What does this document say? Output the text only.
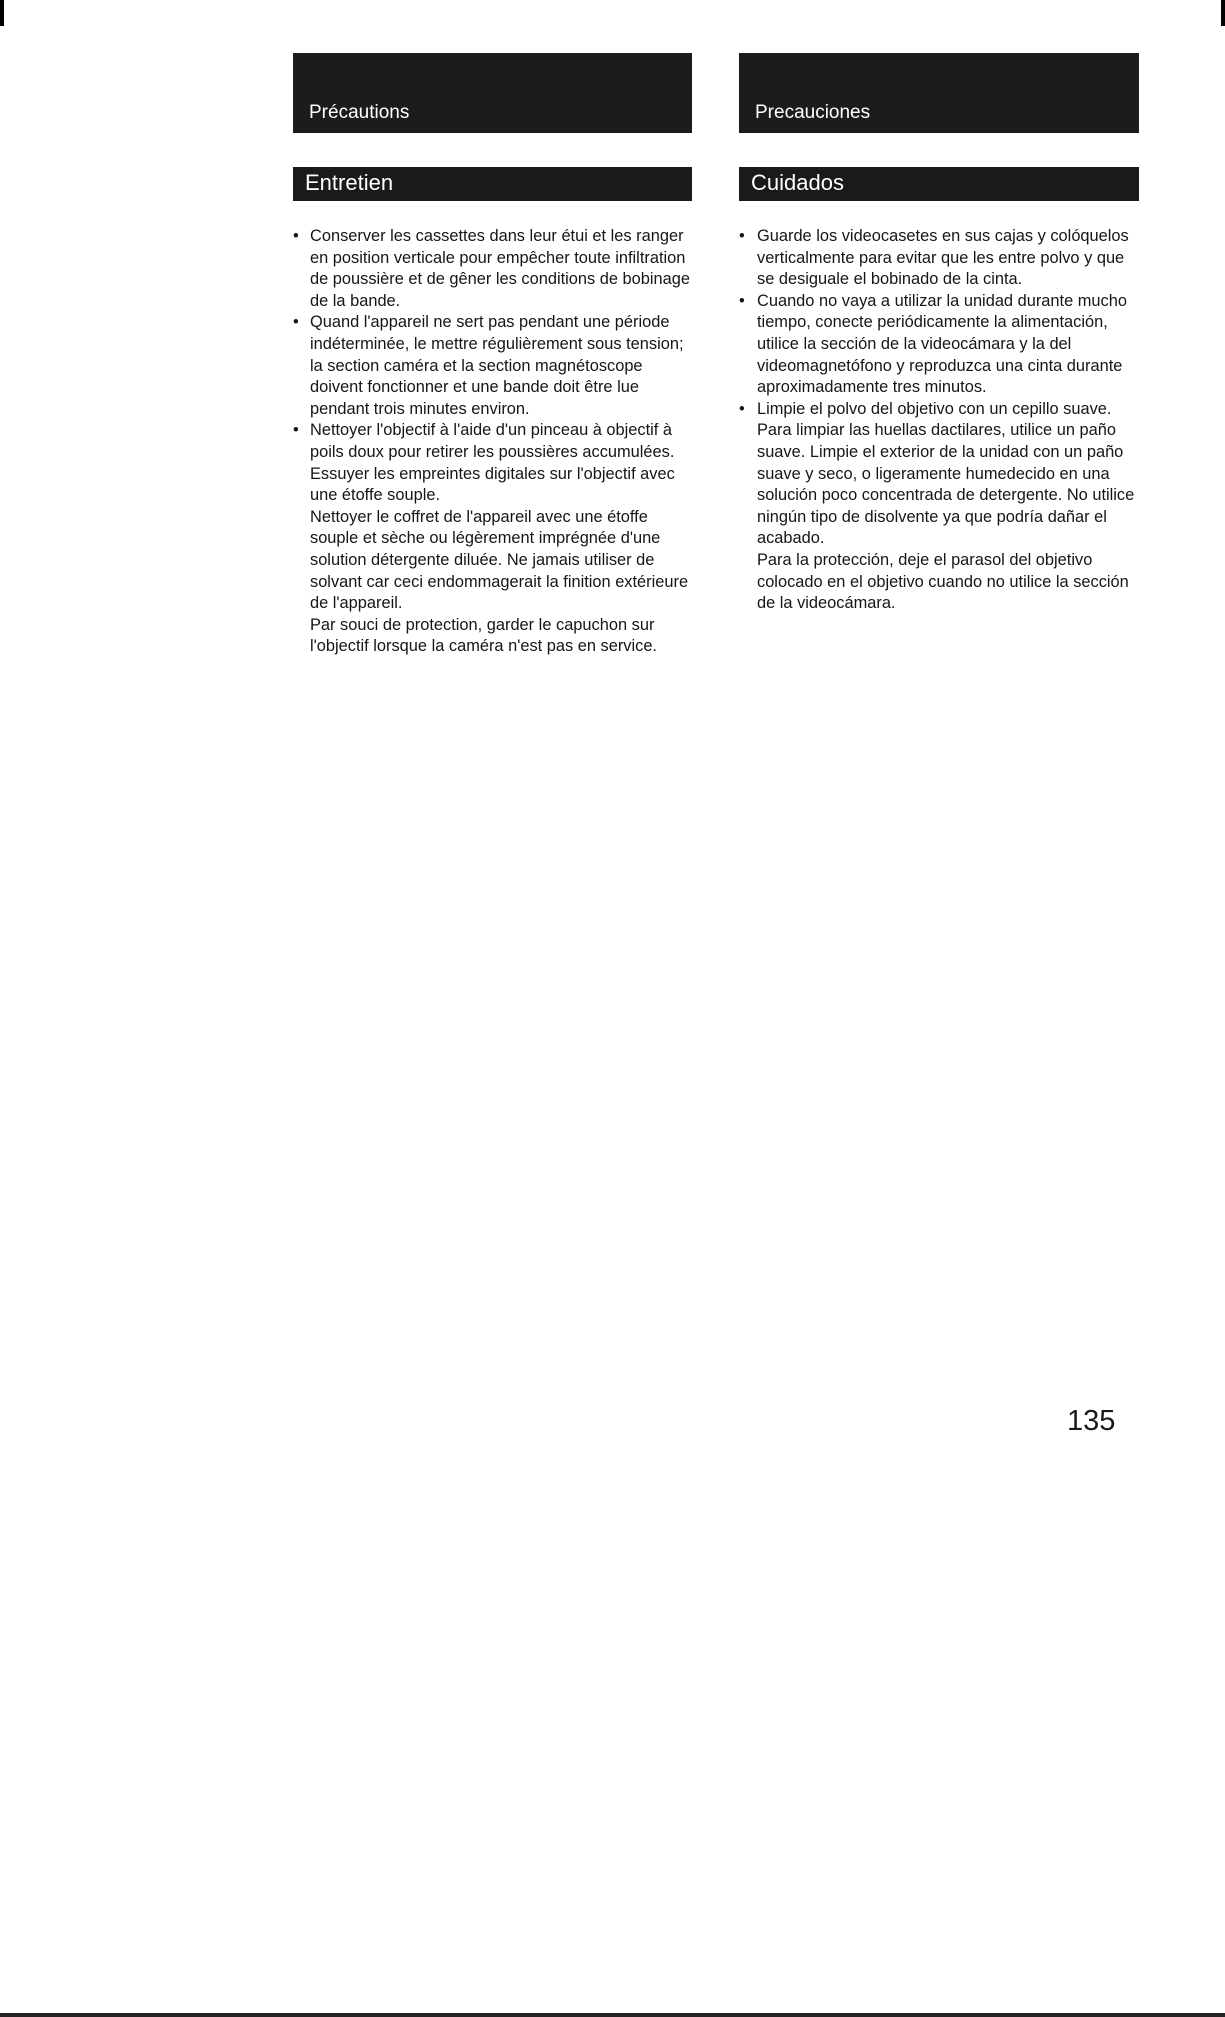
Précautions
Entretien
• Conserver les cassettes dans leur étui et les ranger en position verticale pour empêcher toute infiltration de poussière et de gêner les conditions de bobinage de la bande.

• Quand l'appareil ne sert pas pendant une période indéterminée, le mettre régulièrement sous tension; la section caméra et la section magnétoscope doivent fonctionner et une bande doit être lue pendant trois minutes environ.

• Nettoyer l'objectif à l'aide d'un pinceau à objectif à poils doux pour retirer les poussières accumulées. Essuyer les empreintes digitales sur l'objectif avec une étoffe souple.

Nettoyer le coffret de l'appareil avec une étoffe souple et sèche ou légèrement imprégnée d'une solution détergente diluée. Ne jamais utiliser de solvant car ceci endommagerait la finition extérieure de l'appareil.

Par souci de protection, garder le capuchon sur l'objectif lorsque la caméra n'est pas en service.

Precauciones
Cuidados
• Guarde los videocasetes en sus cajas y colóquelos verticalmente para evitar que les entre polvo y que se desiguale el bobinado de la cinta.

• Cuando no vaya a utilizar la unidad durante mucho tiempo, conecte periódicamente la alimentación, utilice la sección de la videocámara y la del videomagnetófono y reproduzca una cinta durante aproximadamente tres minutos.

• Limpie el polvo del objetivo con un cepillo suave. Para limpiar las huellas dactilares, utilice un paño suave. Limpie el exterior de la unidad con un paño suave y seco, o ligeramente humedecido en una solución poco concentrada de detergente. No utilice ningún tipo de disolvente ya que podría dañar el acabado.

Para la protección, deje el parasol del objetivo colocado en el objetivo cuando no utilice la sección de la videocámara.

135
